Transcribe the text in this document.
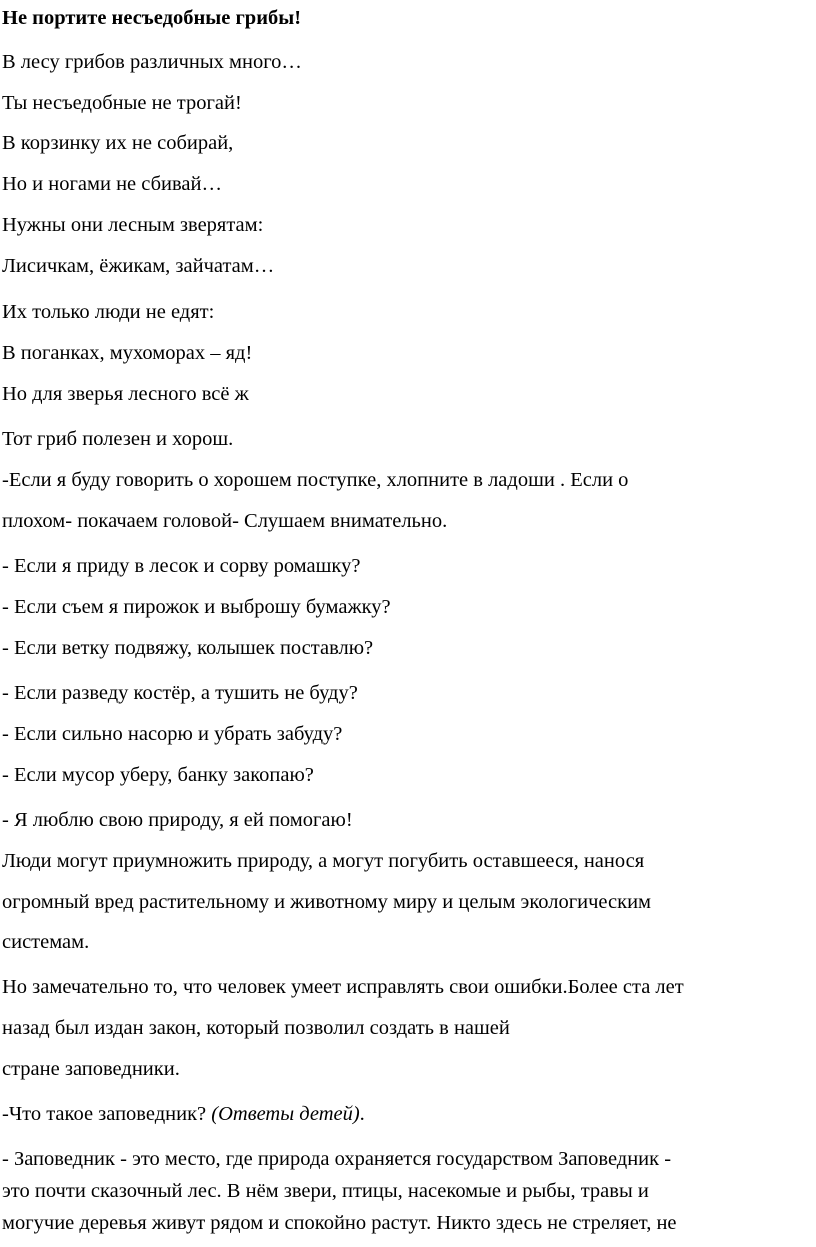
Не портите несъедобные грибы!
В лесу грибов различных много…
Ты несъедобные не трогай!
В корзинку их не собирай,
Но и ногами не сбивай…
Нужны они лесным зверятам:
Лисичкам, ёжикам, зайчатам…
Их только люди не едят:
В поганках, мухоморах – яд!
Но для зверья лесного всё ж
Тот гриб полезен и хорош.
-Если я буду говорить о хорошем поступке, хлопните в ладоши . Если о
плохом- покачаем головой- Слушаем внимательно.
- Если я приду в лесок и сорву ромашку?
- Если съем я пирожок и выброшу бумажку?
- Если ветку подвяжу, колышек поставлю?
- Если разведу костёр, а тушить не буду?
- Если сильно насорю и убрать забуду?
- Если мусор уберу, банку закопаю?
- Я люблю свою природу, я ей помогаю!
Люди могут приумножить природу, а могут погубить оставшееся, нанося
огромный вред растительному и животному миру и целым экологическим
системам.
Но замечательно то, что человек умеет исправлять свои ошибки.Более ста лет
назад был издан закон, который позволил создать в нашей
стране заповедники.
-Что такое заповедник? (Ответы детей).
- Заповедник - это место, где природа охраняется государством Заповедник -
это почти сказочный лес. В нём звери, птицы, насекомые и рыбы, травы и
могучие деревья живут рядом и спокойно растут. Никто здесь не стреляет, не
